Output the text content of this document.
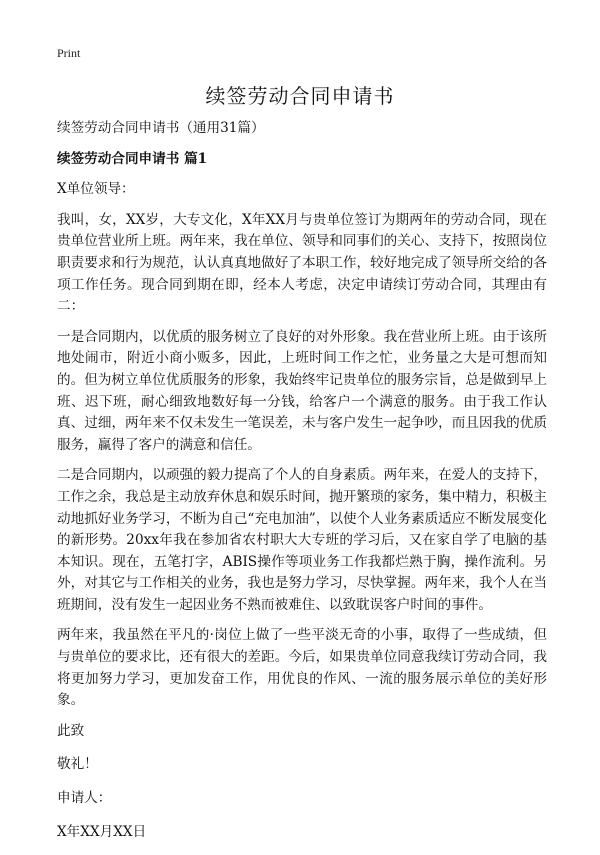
Print
续签劳动合同申请书

续签劳动合同申请书（通用31篇）

续签劳动合同申请书 篇1

X单位领导：

我叫，女，XX岁，大专文化，X年XX月与贵单位签订为期两年的劳动合同，现在贵单位营业所上班。两年来，我在单位、领导和同事们的关心、支持下，按照岗位职责要求和行为规范，认认真真地做好了本职工作，较好地完成了领导所交给的各项工作任务。现合同到期在即，经本人考虑，决定申请续订劳动合同，其理由有二：

一是合同期内，以优质的服务树立了良好的对外形象。我在营业所上班。由于该所地处闹市，附近小商小贩多，因此，上班时间工作之忙，业务量之大是可想而知的。但为树立单位优质服务的形象，我始终牢记贵单位的服务宗旨，总是做到早上班、迟下班，耐心细致地数好每一分钱，给客户一个满意的服务。由于我工作认真、过细，两年来不仅未发生一笔误差，未与客户发生一起争吵，而且因我的优质服务，赢得了客户的满意和信任。

二是合同期内，以顽强的毅力提高了个人的自身素质。两年来，在爱人的支持下，工作之余，我总是主动放弃休息和娱乐时间，抛开繁琐的家务，集中精力，积极主动地抓好业务学习，不断为自己“充电加油”，以使个人业务素质适应不断发展变化的新形势。20xx年我在参加省农村职大大专班的学习后，又在家自学了电脑的基本知识。现在，五笔打字，ABIS操作等项业务工作我都烂熟于胸，操作流利。另外，对其它与工作相关的业务，我也是努力学习，尽快掌握。两年来，我个人在当班期间，没有发生一起因业务不熟而被难住、以致耽误客户时间的事件。

两年来，我虽然在平凡的·岗位上做了一些平淡无奇的小事，取得了一些成绩，但与贵单位的要求比，还有很大的差距。今后，如果贵单位同意我续订劳动合同，我将更加努力学习，更加发奋工作，用优良的作风、一流的服务展示单位的美好形象。

此致

敬礼！

申请人：

X年XX月XX日
